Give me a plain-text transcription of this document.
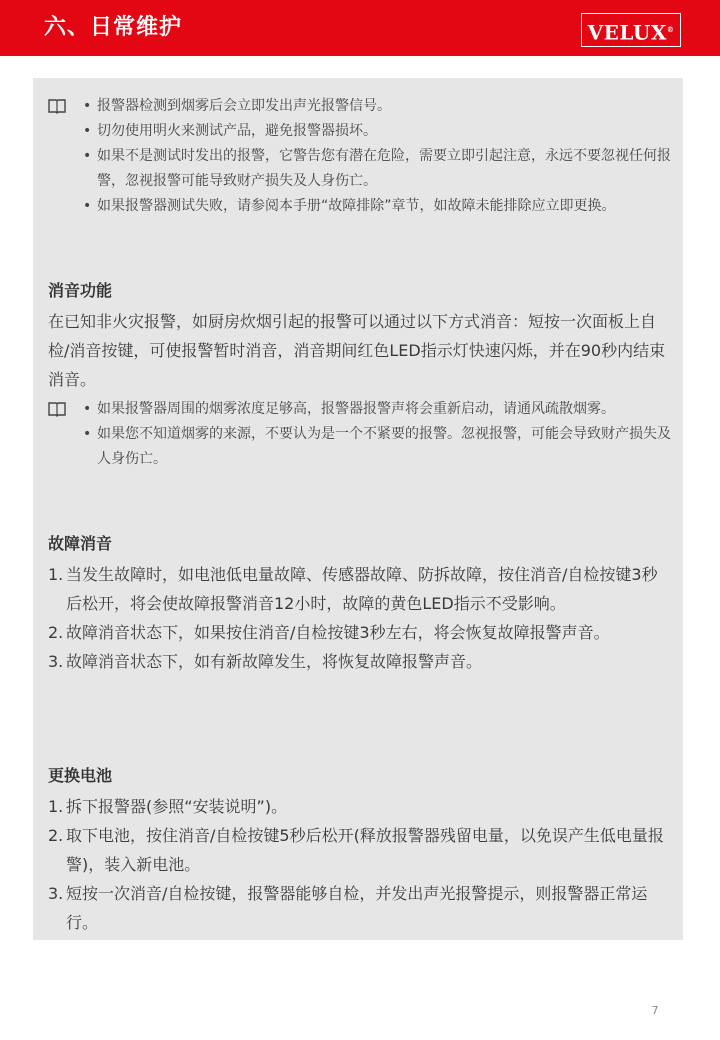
六、日常维护	VELUX®
• 报警器检测到烟雾后会立即发出声光报警信号。
• 切勿使用明火来测试产品，避免报警器损坏。
• 如果不是测试时发出的报警，它警告您有潜在危险，需要立即引起注意，永远不要忽视任何报警，忽视报警可能导致财产损失及人身伤亡。
• 如果报警器测试失败，请参阅本手册“故障排除”章节，如故障未能排除应立即更换。
消音功能
在已知非火灾报警，如厨房炊烟引起的报警可以通过以下方式消音：短按一次面板上自检/消音按键，可使报警暂时消音，消音期间红色LED指示灯快速闪烁，并在90秒内结束消音。
• 如果报警器周围的烟雾浓度足够高，报警器报警声将会重新启动，请通风疏散烟雾。
• 如果您不知道烟雾的来源，不要认为是一个不紧要的报警。忽视报警，可能会导致财产损失及人身伤亡。
故障消音
1. 当发生故障时，如电池低电量故障、传感器故障、防拆故障，按住消音/自检按键3秒后松开，将会使故障报警消音12小时，故障的黄色LED指示不受影响。
2. 故障消音状态下，如果按住消音/自检按键3秒左右，将会恢复故障报警声音。
3. 故障消音状态下，如有新故障发生，将恢复故障报警声音。
更换电池
1. 拆下报警器(参照“安装说明”)。
2. 取下电池，按住消音/自检按键5秒后松开(释放报警器残留电量，以免误产生低电量报警)，装入新电池。
3. 短按一次消音/自检按键，报警器能够自检，并发出声光报警提示，则报警器正常运行。
7
